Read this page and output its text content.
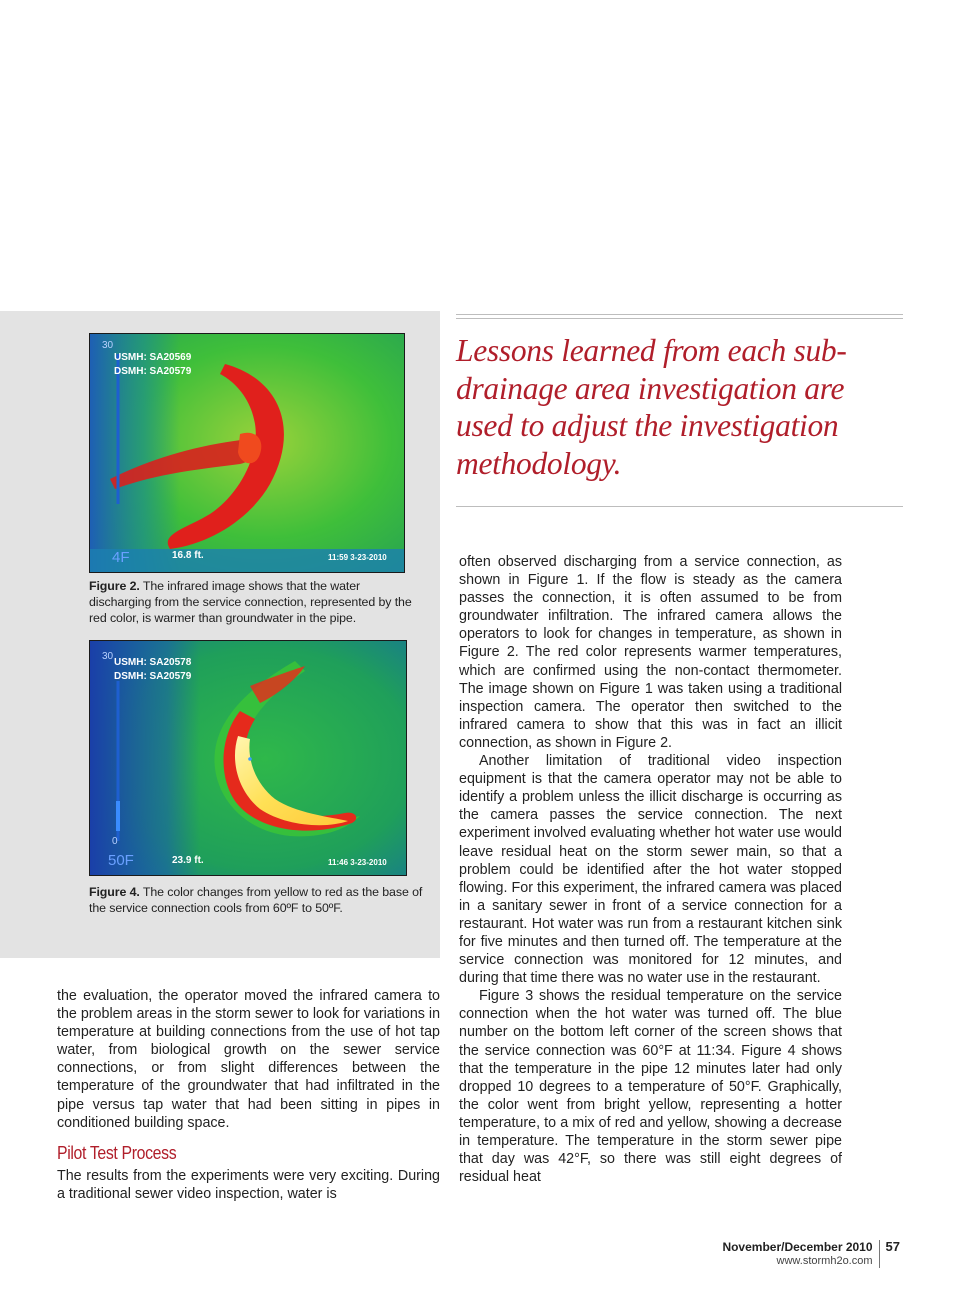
30
USMH: SA20569
DSMH: SA20579
4F	16.8 ft.	11:59 3-23-2010
Figure 2. The infrared image shows that the water discharging from the service connection, represented by the red color, is warmer than groundwater in the pipe.
30
0
USMH: SA20578
DSMH: SA20579
50F	23.9 ft.	11:46 3-23-2010
Figure 4. The color changes from yellow to red as the base of the service connection cools from 60ºF to 50ºF.
Lessons learned from each sub-drainage area investigation are used to adjust the investigation methodology.

the evaluation, the operator moved the infrared camera to the problem areas in the storm sewer to look for variations in temperature at building connections from the use of hot tap water, from biological growth on the sewer service connections, or from slight differences between the temperature of the groundwater that had infiltrated in the pipe versus tap water that had been sitting in pipes in conditioned building space.

Pilot Test Process

The results from the experiments were very exciting. During a traditional sewer video inspection, water is

often observed discharging from a service connection, as shown in Figure 1. If the flow is steady as the camera passes the connection, it is often assumed to be from groundwater infiltration. The infrared camera allows the operators to look for changes in temperature, as shown in Figure 2. The red color represents warmer temperatures, which are confirmed using the non-contact thermometer. The image shown on Figure 1 was taken using a traditional inspection camera. The operator then switched to the infrared camera to show that this was in fact an illicit connection, as shown in Figure 2.

Another limitation of traditional video inspection equipment is that the camera operator may not be able to identify a problem unless the illicit discharge is occurring as the camera passes the service connection. The next experiment involved evaluating whether hot water use would leave residual heat on the storm sewer main, so that a problem could be identified after the hot water stopped flowing. For this experiment, the infrared camera was placed in a sanitary sewer in front of a service connection for a restaurant. Hot water was run from a restaurant kitchen sink for five minutes and then turned off. The temperature at the service connection was monitored for 12 minutes, and during that time there was no water use in the restaurant.

Figure 3 shows the residual temperature on the service connection when the hot water was turned off. The blue number on the bottom left corner of the screen shows that the service connection was 60°F at 11:34. Figure 4 shows that the temperature in the pipe 12 minutes later had only dropped 10 degrees to a temperature of 50°F. Graphically, the color went from bright yellow, representing a hotter temperature, to a mix of red and yellow, showing a decrease in temperature. The temperature in the storm sewer pipe that day was 42°F, so there was still eight degrees of residual heat

November/December 2010
www.stormh2o.com
57
